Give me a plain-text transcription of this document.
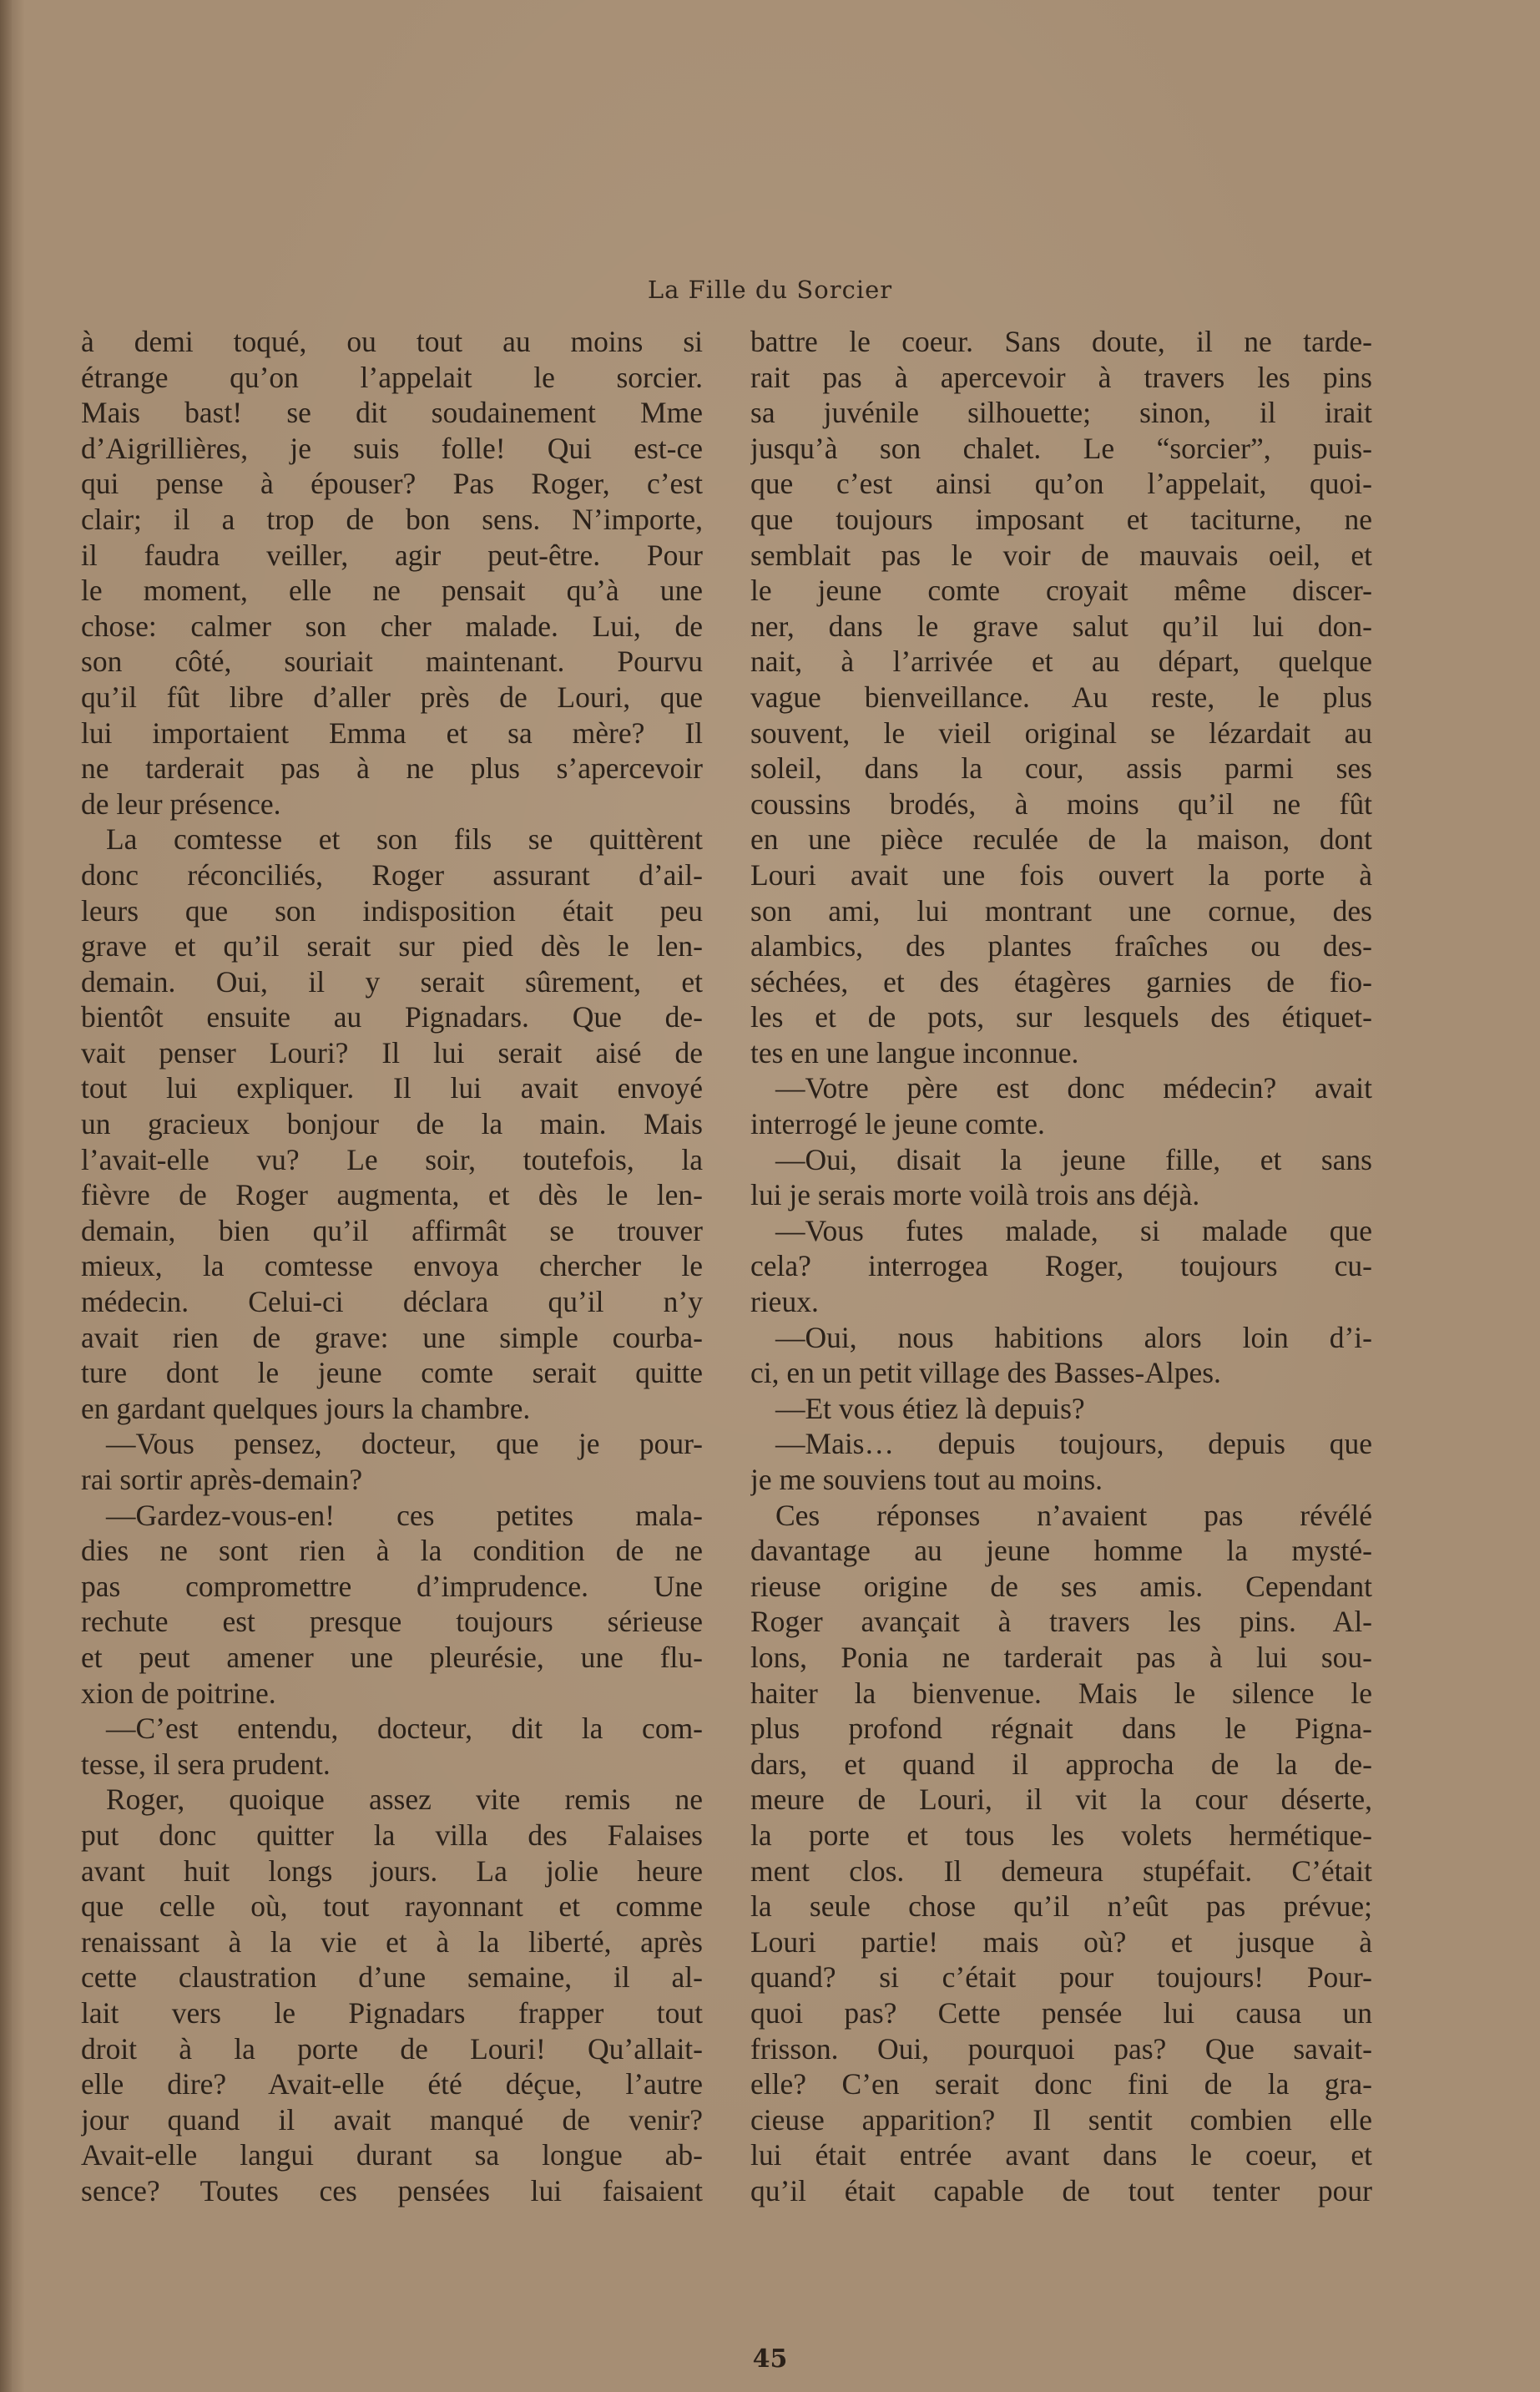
La Fille du Sorcier
à demi toqué, ou tout au moins si
étrange qu’on l’appelait le sorcier.
Mais bast! se dit soudainement Mme
d’Aigrillières, je suis folle! Qui est-ce
qui pense à épouser? Pas Roger, c’est
clair; il a trop de bon sens. N’importe,
il faudra veiller, agir peut-être. Pour
le moment, elle ne pensait qu’à une
chose: calmer son cher malade. Lui, de
son côté, souriait maintenant. Pourvu
qu’il fût libre d’aller près de Louri, que
lui importaient Emma et sa mère? Il
ne tarderait pas à ne plus s’apercevoir
de leur présence.
La comtesse et son fils se quittèrent
donc réconciliés, Roger assurant d’ail-
leurs que son indisposition était peu
grave et qu’il serait sur pied dès le len-
demain. Oui, il y serait sûrement, et
bientôt ensuite au Pignadars. Que de-
vait penser Louri? Il lui serait aisé de
tout lui expliquer. Il lui avait envoyé
un gracieux bonjour de la main. Mais
l’avait-elle vu? Le soir, toutefois, la
fièvre de Roger augmenta, et dès le len-
demain, bien qu’il affirmât se trouver
mieux, la comtesse envoya chercher le
médecin. Celui-ci déclara qu’il n’y
avait rien de grave: une simple courba-
ture dont le jeune comte serait quitte
en gardant quelques jours la chambre.
—Vous pensez, docteur, que je pour-
rai sortir après-demain?
—Gardez-vous-en! ces petites mala-
dies ne sont rien à la condition de ne
pas compromettre d’imprudence. Une
rechute est presque toujours sérieuse
et peut amener une pleurésie, une flu-
xion de poitrine.
—C’est entendu, docteur, dit la com-
tesse, il sera prudent.
Roger, quoique assez vite remis ne
put donc quitter la villa des Falaises
avant huit longs jours. La jolie heure
que celle où, tout rayonnant et comme
renaissant à la vie et à la liberté, après
cette claustration d’une semaine, il al-
lait vers le Pignadars frapper tout
droit à la porte de Louri! Qu’allait-
elle dire? Avait-elle été déçue, l’autre
jour quand il avait manqué de venir?
Avait-elle langui durant sa longue ab-
sence? Toutes ces pensées lui faisaient
battre le coeur. Sans doute, il ne tarde-
rait pas à apercevoir à travers les pins
sa juvénile silhouette; sinon, il irait
jusqu’à son chalet. Le “sorcier”, puis-
que c’est ainsi qu’on l’appelait, quoi-
que toujours imposant et taciturne, ne
semblait pas le voir de mauvais oeil, et
le jeune comte croyait même discer-
ner, dans le grave salut qu’il lui don-
nait, à l’arrivée et au départ, quelque
vague bienveillance. Au reste, le plus
souvent, le vieil original se lézardait au
soleil, dans la cour, assis parmi ses
coussins brodés, à moins qu’il ne fût
en une pièce reculée de la maison, dont
Louri avait une fois ouvert la porte à
son ami, lui montrant une cornue, des
alambics, des plantes fraîches ou des-
séchées, et des étagères garnies de fio-
les et de pots, sur lesquels des étiquet-
tes en une langue inconnue.
—Votre père est donc médecin? avait
interrogé le jeune comte.
—Oui, disait la jeune fille, et sans
lui je serais morte voilà trois ans déjà.
—Vous futes malade, si malade que
cela? interrogea Roger, toujours cu-
rieux.
—Oui, nous habitions alors loin d’i-
ci, en un petit village des Basses-Alpes.
—Et vous étiez là depuis?
—Mais… depuis toujours, depuis que
je me souviens tout au moins.
Ces réponses n’avaient pas révélé
davantage au jeune homme la mysté-
rieuse origine de ses amis. Cependant
Roger avançait à travers les pins. Al-
lons, Ponia ne tarderait pas à lui sou-
haiter la bienvenue. Mais le silence le
plus profond régnait dans le Pigna-
dars, et quand il approcha de la de-
meure de Louri, il vit la cour déserte,
la porte et tous les volets hermétique-
ment clos. Il demeura stupéfait. C’était
la seule chose qu’il n’eût pas prévue;
Louri partie! mais où? et jusque à
quand? si c’était pour toujours! Pour-
quoi pas? Cette pensée lui causa un
frisson. Oui, pourquoi pas? Que savait-
elle? C’en serait donc fini de la gra-
cieuse apparition? Il sentit combien elle
lui était entrée avant dans le coeur, et
qu’il était capable de tout tenter pour
45
